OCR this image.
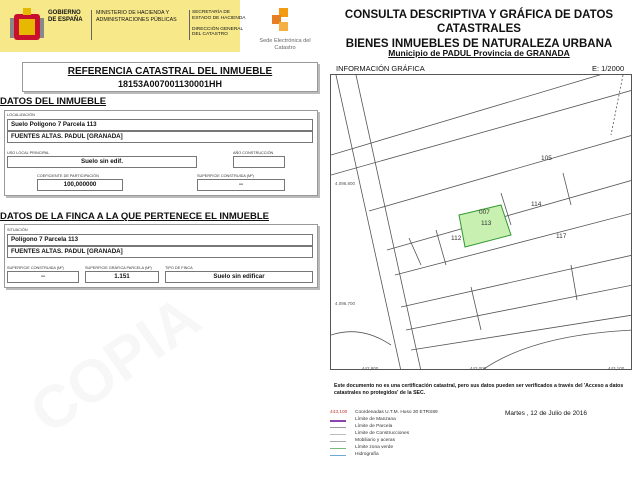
GOBIERNO DE ESPAÑA
MINISTERIO DE HACIENDA Y ADMINISTRACIONES PÚBLICAS
SECRETARÍA DE ESTADO DE HACIENDA
DIRECCIÓN GENERAL DEL CATASTRO
Sede Electrónica del Catastro
REFERENCIA CATASTRAL DEL INMUEBLE
18153A007001130001HH
DATOS DEL INMUEBLE
LOCALIZACIÓN
Suelo Polígono 7 Parcela 113
FUENTES ALTAS. PADUL [GRANADA]
USO LOCAL PRINCIPAL
Suelo sin edif.
AÑO CONSTRUCCIÓN
COEFICIENTE DE PARTICIPACIÓN
100,000000
SUPERFICIE CONSTRUIDA (M²)
--
DATOS DE LA FINCA A LA QUE PERTENECE EL INMUEBLE
SITUACIÓN
Polígono 7 Parcela 113
FUENTES ALTAS. PADUL [GRANADA]
SUPERFICIE CONSTRUIDA (M²)
--
SUPERFICIE GRÁFICA PARCELA (M²)
1.151
TIPO DE FINCA
Suelo sin edificar
CONSULTA DESCRIPTIVA Y GRÁFICA DE DATOS CATASTRALES
BIENES INMUEBLES DE NATURALEZA URBANA
Municipio de PADUL Provincia de GRANADA
INFORMACIÓN GRÁFICA	E: 1/2000
105
114
007
113
112	117
4.096.800
4.096.700
442,900	443,000	443,100
Este documento no es una certificación catastral, pero sus datos pueden ser verificados a través del 'Acceso a datos catastrales no protegidos' de la SEC.
Martes , 12 de Julio de 2016
443,100 Coordenadas U.T.M. Huso 30 ETRS89
Límite de Manzana
Límite de Parcela
Límite de Construcciones
Mobiliario y aceras
Límite zona verde
Hidrografía
